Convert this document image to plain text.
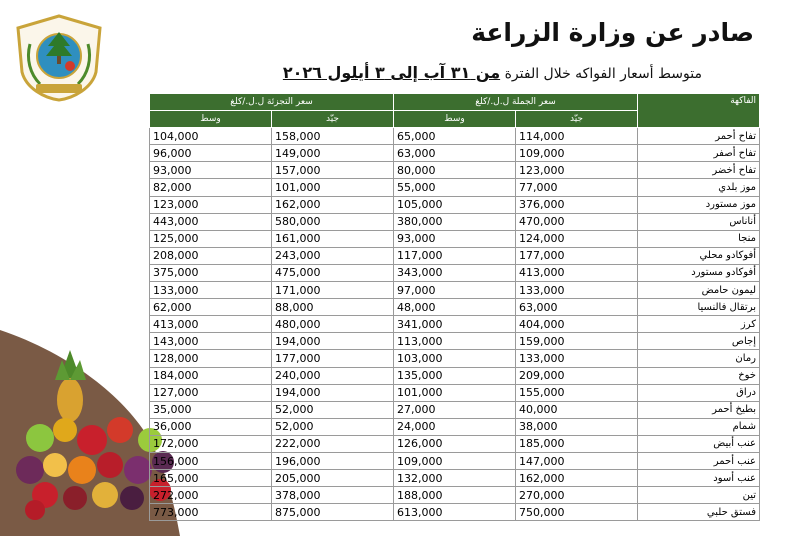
صادر عن وزارة الزراعة
متوسط أسعار الفواكه خلال الفترة من ٣١ آب إلى ٣ أيلول ٢٠٢٦
الفاكهة	سعر الجملة ل.ل./كلغ		سعر التجزئة ل.ل./كلغ	
	جيّد	وسط	جيّد	وسط
تفاح أحمر	114,000	65,000	158,000	104,000
تفاح أصفر	109,000	63,000	149,000	96,000
تفاح أخضر	123,000	80,000	157,000	93,000
موز بلدي	77,000	55,000	101,000	82,000
موز مستورد	376,000	105,000	162,000	123,000
أناناس	470,000	380,000	580,000	443,000
منجا	124,000	93,000	161,000	125,000
أفوكادو محلي	177,000	117,000	243,000	208,000
أفوكادو مستورد	413,000	343,000	475,000	375,000
ليمون حامض	133,000	97,000	171,000	133,000
برتقال فالنسيا	63,000	48,000	88,000	62,000
كرز	404,000	341,000	480,000	413,000
إجاص	159,000	113,000	194,000	143,000
رمان	133,000	103,000	177,000	128,000
خوخ	209,000	135,000	240,000	184,000
دراق	155,000	101,000	194,000	127,000
بطيخ أحمر	40,000	27,000	52,000	35,000
شمام	38,000	24,000	52,000	36,000
عنب أبيض	185,000	126,000	222,000	172,000
عنب أحمر	147,000	109,000	196,000	156,000
عنب أسود	162,000	132,000	205,000	165,000
تين	270,000	188,000	378,000	272,000
فستق حلبي	750,000	613,000	875,000	773,000
